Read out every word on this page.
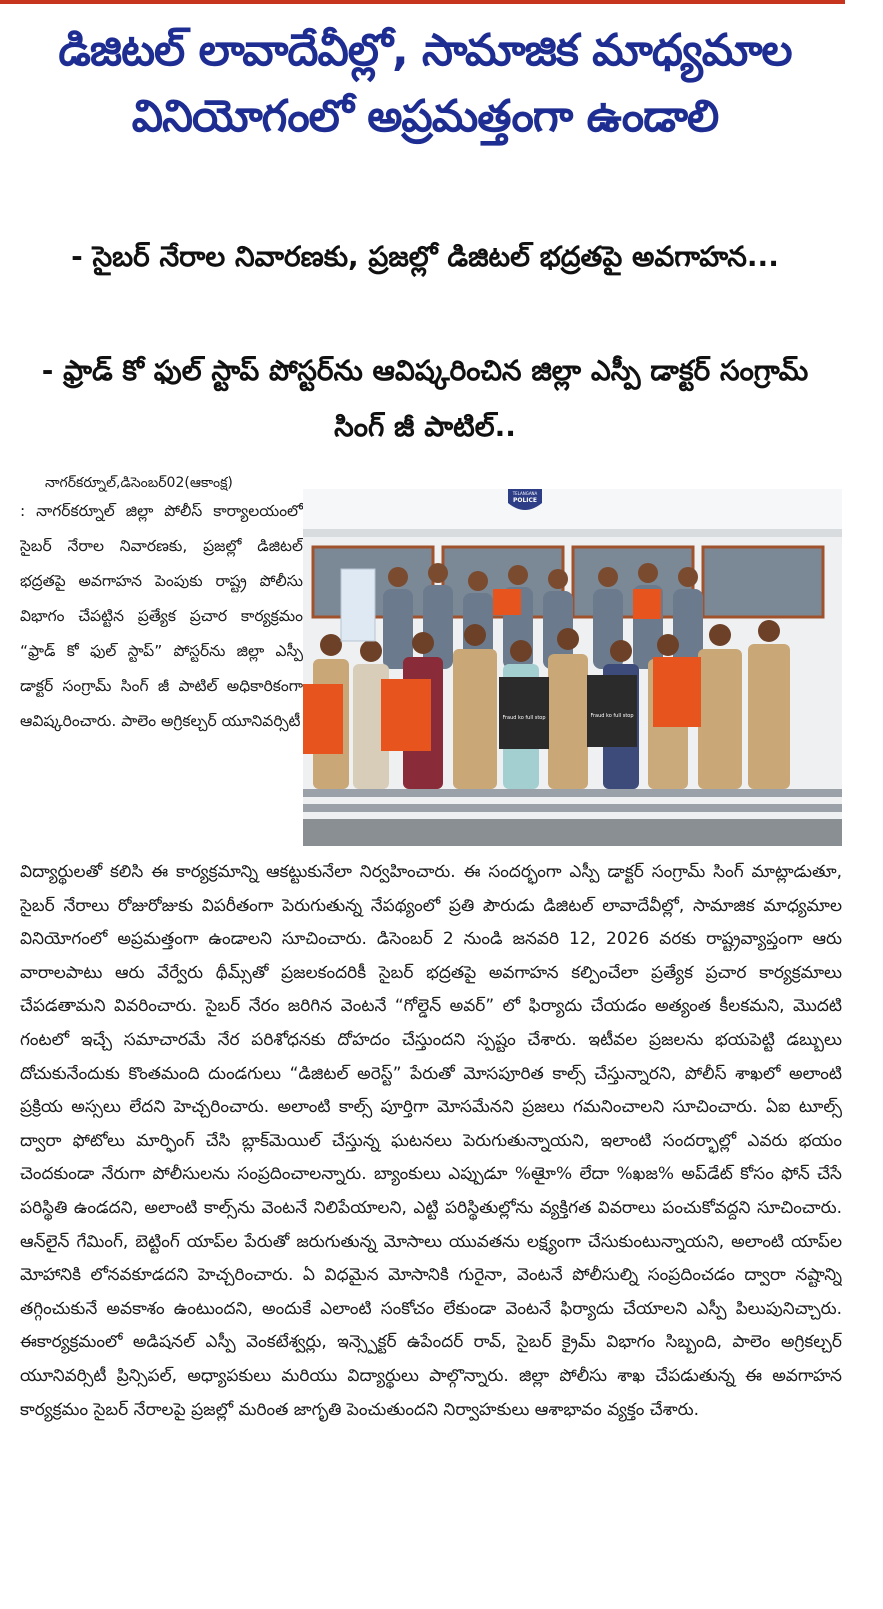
డిజిటల్ లావాదేవీల్లో, సామాజిక మాధ్యమాల వినియోగంలో అప్రమత్తంగా ఉండాలి

- సైబర్ నేరాల నివారణకు, ప్రజల్లో డిజిటల్ భద్రతపై అవగాహన...

- ఫ్రాడ్ కో ఫుల్ స్టాప్ పోస్టర్‌ను ఆవిష్కరించిన జిల్లా ఎస్పీ డాక్టర్ సంగ్రామ్ సింగ్ జీ పాటిల్..

నాగర్‌కర్నూల్,డిసెంబర్02(ఆకాంక్ష)

: నాగర్‌కర్నూల్ జిల్లా పోలీస్ కార్యాలయంలో సైబర్ నేరాల నివారణకు, ప్రజల్లో డిజిటల్ భద్రతపై అవగాహన పెంపుకు రాష్ట్ర పోలీసు విభాగం చేపట్టిన ప్రత్యేక ప్రచార కార్యక్రమం “ఫ్రాడ్ కో ఫుల్ స్టాప్” పోస్టర్‌ను జిల్లా ఎస్పీ డాక్టర్ సంగ్రామ్ సింగ్ జీ పాటిల్ అధికారికంగా ఆవిష్కరించారు. పాలెం అగ్రికల్చర్ యూనివర్సిటీ	Fraud ko full stop	Fraud ko full stop
TELANGANA
POLICE

విద్యార్థులతో కలిసి ఈ కార్యక్రమాన్ని ఆకట్టుకునేలా నిర్వహించారు. ఈ సందర్భంగా ఎస్పీ డాక్టర్ సంగ్రామ్ సింగ్ మాట్లాడుతూ, సైబర్ నేరాలు రోజురోజుకు విపరీతంగా పెరుగుతున్న నేపథ్యంలో ప్రతి పౌరుడు డిజిటల్ లావాదేవీల్లో, సామాజిక మాధ్యమాల వినియోగంలో అప్రమత్తంగా ఉండాలని సూచించారు. డిసెంబర్ 2 నుండి జనవరి 12, 2026 వరకు రాష్ట్రవ్యాప్తంగా ఆరు వారాలపాటు ఆరు వేర్వేరు థీమ్స్‌తో ప్రజలకందరికీ సైబర్ భద్రతపై అవగాహన కల్పించేలా ప్రత్యేక ప్రచార కార్యక్రమాలు చేపడతామని వివరించారు. సైబర్ నేరం జరిగిన వెంటనే “గోల్డెన్ అవర్” లో ఫిర్యాదు చేయడం అత్యంత కీలకమని, మొదటి గంటలో ఇచ్చే సమాచారమే నేర పరిశోధనకు దోహదం చేస్తుందని స్పష్టం చేశారు. ఇటీవల ప్రజలను భయపెట్టి డబ్బులు దోచుకునేందుకు కొంతమంది దుండగులు “డిజిటల్ అరెస్ట్” పేరుతో మోసపూరిత కాల్స్ చేస్తున్నారని, పోలీస్ శాఖలో అలాంటి ప్రక్రియ అస్సలు లేదని హెచ్చరించారు. అలాంటి కాల్స్ పూర్తిగా మోసమేనని ప్రజలు గమనించాలని సూచించారు. ఏఐ టూల్స్ ద్వారా ఫోటోలు మార్ఫింగ్ చేసి బ్లాక్‌మెయిల్ చేస్తున్న ఘటనలు పెరుగుతున్నాయని, ఇలాంటి సందర్భాల్లో ఎవరు భయం చెందకుండా నేరుగా పోలీసులను సంప్రదించాలన్నారు. బ్యాంకులు ఎప్పుడూ %ఆైూ% లేదా %ఖజ% అప్‌డేట్ కోసం ఫోన్ చేసే పరిస్థితి ఉండదని, అలాంటి కాల్స్‌ను వెంటనే నిలిపేయాలని, ఎట్టి పరిస్థితుల్లోను వ్యక్తిగత వివరాలు పంచుకోవద్దని సూచించారు. ఆన్‌లైన్ గేమింగ్, బెట్టింగ్ యాప్‌ల పేరుతో జరుగుతున్న మోసాలు యువతను లక్ష్యంగా చేసుకుంటున్నాయని, అలాంటి యాప్‌ల మోహానికి లోనవకూడదని హెచ్చరించారు. ఏ విధమైన మోసానికి గురైనా, వెంటనే పోలీసుల్ని సంప్రదించడం ద్వారా నష్టాన్ని తగ్గించుకునే అవకాశం ఉంటుందని, అందుకే ఎలాంటి సంకోచం లేకుండా వెంటనే ఫిర్యాదు చేయాలని ఎస్పీ పిలుపునిచ్చారు. ఈకార్యక్రమంలో అడిషనల్ ఎస్పీ వెంకటేశ్వర్లు, ఇన్స్పెక్టర్ ఉపేందర్ రావ్, సైబర్ క్రైమ్ విభాగం సిబ్బంది, పాలెం అగ్రికల్చర్ యూనివర్సిటీ ప్రిన్సిపల్, అధ్యాపకులు మరియు విద్యార్థులు పాల్గొన్నారు. జిల్లా పోలీసు శాఖ చేపడుతున్న ఈ అవగాహన కార్యక్రమం సైబర్ నేరాలపై ప్రజల్లో మరింత జాగృతి పెంచుతుందని నిర్వాహకులు ఆశాభావం వ్యక్తం చేశారు.
